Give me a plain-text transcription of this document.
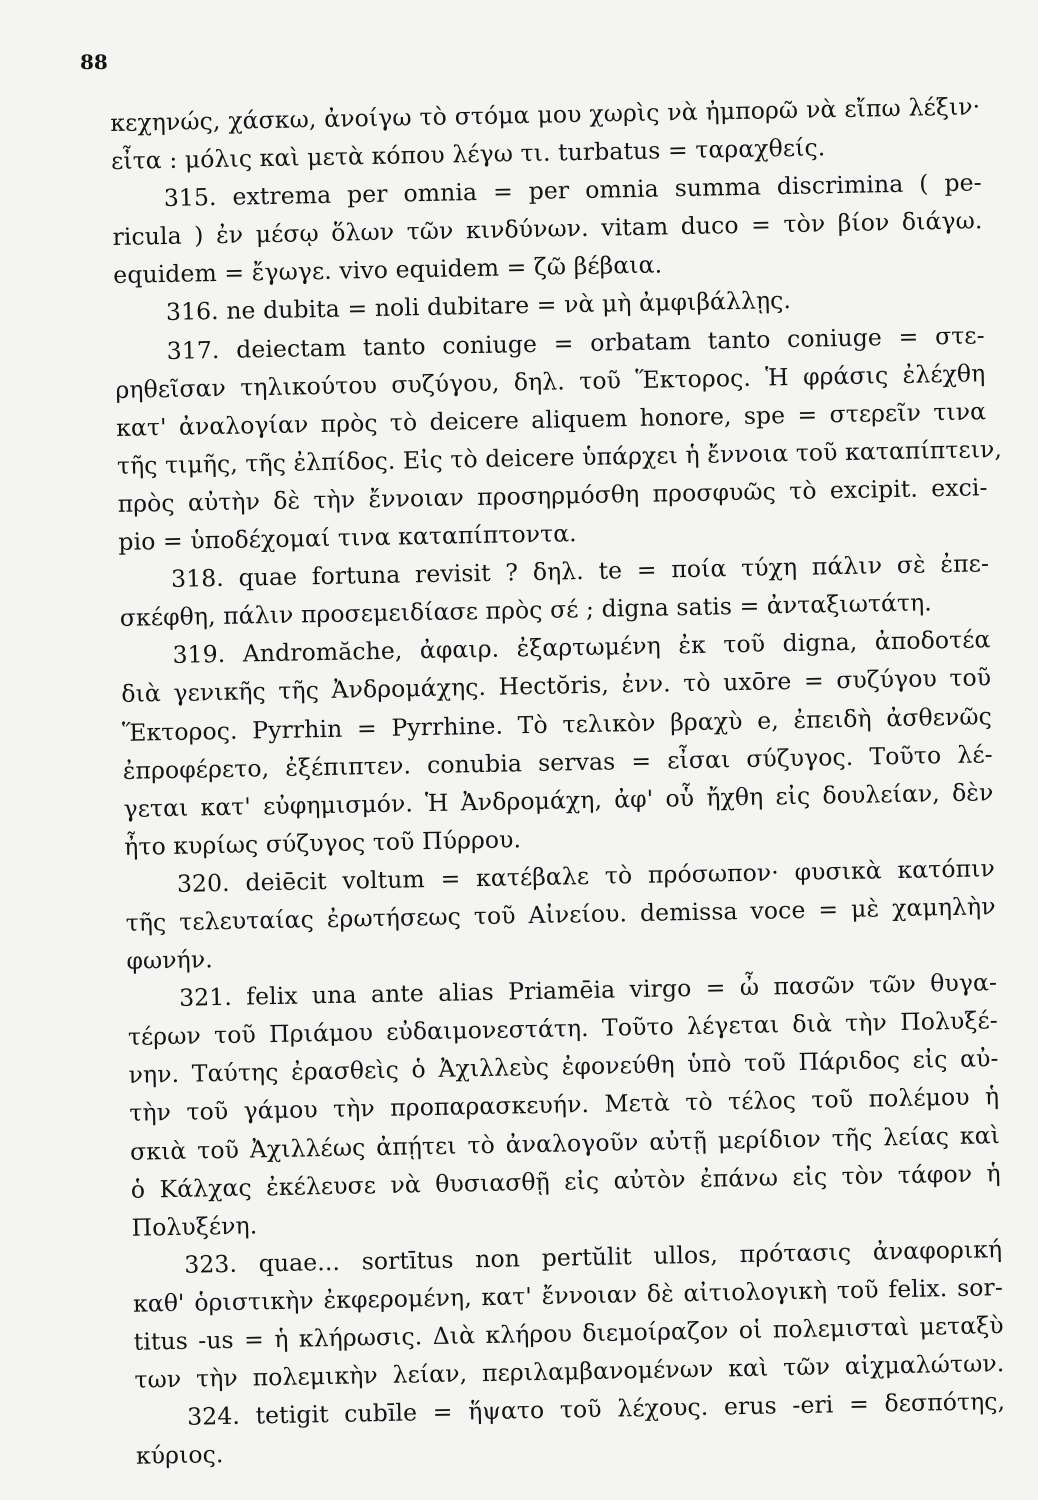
88
κεχηνώς, χάσκω, ἀνοίγω τὸ στόμα μου χωρὶς νὰ ἠμπορῶ νὰ εἴπω λέξιν·
εἶτα : μόλις καὶ μετὰ κόπου λέγω τι. turbatus = ταραχθείς.
315. extrema per omnia = per omnia summa discrimina ( pe-
ricula ) ἐν μέσῳ ὅλων τῶν κινδύνων. vitam duco = τὸν βίον διάγω.
equidem = ἔγωγε. vivo equidem = ζῶ βέβαια.
316. ne dubita = noli dubitare = νὰ μὴ ἀμφιβάλλῃς.
317. deiectam tanto coniuge = orbatam tanto coniuge = στε-
ρηθεῖσαν τηλικούτου συζύγου, δηλ. τοῦ Ἕκτορος. Ἡ φράσις ἐλέχθη
κατ' ἀναλογίαν πρὸς τὸ deicere aliquem honore, spe = στερεῖν τινα
τῆς τιμῆς, τῆς ἐλπίδος. Εἰς τὸ deicere ὑπάρχει ἡ ἔννοια τοῦ καταπίπτειν,
πρὸς αὐτὴν δὲ τὴν ἔννοιαν προσηρμόσθη προσφυῶς τὸ excipit. exci-
pio = ὑποδέχομαί τινα καταπίπτοντα.
318. quae fortuna revisit ? δηλ. te = ποία τύχη πάλιν σὲ ἐπε-
σκέφθη, πάλιν προσεμειδίασε πρὸς σέ ; digna satis = ἀνταξιωτάτη.
319. Andromăche, ἀφαιρ. ἐξαρτωμένη ἐκ τοῦ digna, ἀποδοτέα
διὰ γενικῆς τῆς Ἀνδρομάχης. Hectŏris, ἐνν. τὸ uxōre = συζύγου τοῦ
Ἕκτορος. Pyrrhin = Pyrrhine. Τὸ τελικὸν βραχὺ e, ἐπειδὴ ἀσθενῶς
ἐπροφέρετο, ἐξέπιπτεν. conubia servas = εἶσαι σύζυγος. Τοῦτο λέ-
γεται κατ' εὐφημισμόν. Ἡ Ἀνδρομάχη, ἀφ' οὗ ἤχθη εἰς δουλείαν, δὲν
ἦτο κυρίως σύζυγος τοῦ Πύρρου.
320. deiēcit voltum = κατέβαλε τὸ πρόσωπον· φυσικὰ κατόπιν
τῆς τελευταίας ἐρωτήσεως τοῦ Αἰνείου. demissa voce = μὲ χαμηλὴν
φωνήν.
321. felix una ante alias Priamēia virgo = ὦ πασῶν τῶν θυγα-
τέρων τοῦ Πριάμου εὐδαιμονεστάτη. Τοῦτο λέγεται διὰ τὴν Πολυξέ-
νην. Ταύτης ἐρασθεὶς ὁ Ἀχιλλεὺς ἐφονεύθη ὑπὸ τοῦ Πάριδος εἰς αὐ-
τὴν τοῦ γάμου τὴν προπαρασκευήν. Μετὰ τὸ τέλος τοῦ πολέμου ἡ
σκιὰ τοῦ Ἀχιλλέως ἀπῄτει τὸ ἀναλογοῦν αὐτῇ μερίδιον τῆς λείας καὶ
ὁ Κάλχας ἐκέλευσε νὰ θυσιασθῇ εἰς αὐτὸν ἐπάνω εἰς τὸν τάφον ἡ
Πολυξένη.
323. quae... sortītus non pertŭlit ullos, πρότασις ἀναφορική
καθ' ὁριστικὴν ἐκφερομένη, κατ' ἔννοιαν δὲ αἰτιολογικὴ τοῦ felix. sor-
titus -us = ἡ κλήρωσις. Διὰ κλήρου διεμοίραζον οἱ πολεμισταὶ μεταξὺ
των τὴν πολεμικὴν λείαν, περιλαμβανομένων καὶ τῶν αἰχμαλώτων.
324. tetigit cubīle = ἥψατο τοῦ λέχους. erus -eri = δεσπότης,
κύριος.
